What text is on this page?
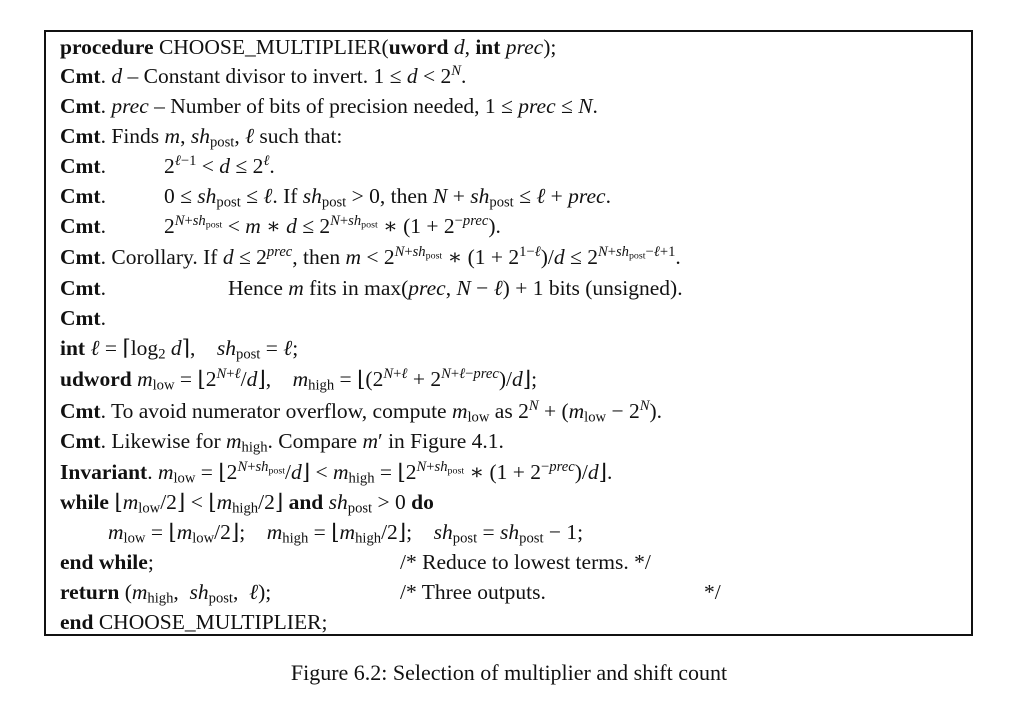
procedure CHOOSE_MULTIPLIER(uword d, int prec);
Cmt. d – Constant divisor to invert. $1 \le d < 2^N$.
Cmt. prec – Number of bits of precision needed, 1 ≤ prec ≤ N.
Cmt. Finds m, $sh_{post}$, ℓ such that:
Cmt.	$2^{\ell-1} < d \le 2^\ell$.
Cmt.	$0 \le sh_{post}$ ≤ ℓ. If $sh_{post} > 0$, then $N + sh_{post}$ ≤ ℓ + prec.
Cmt.	$2^{N+sh_{post}} < m$ ∗ $d \le 2^{N+sh_{post}}$ ∗ $(1 + 2^{-prec})$.
Cmt. Corollary. If $d \le 2^{prec}$, then $m < 2^{N+sh_{post}}$ ∗ $(1 + 2^{1-\ell})/d \le 2^{N+sh_{post}-\ell+1}$.
Cmt.	Hence m fits in max(prec, N − ℓ) + 1 bits (unsigned).
Cmt.
int ℓ = $⌈\log_2$ d⌉,    $sh_{post}$ = ℓ;
udword $m_{low}$ = $⌊2^{N+\ell}/d⌋$,    $m_{high}$ = $⌊(2^{N+\ell}$ + $2^{N+\ell-prec})/d⌋$;
Cmt. To avoid numerator overflow, compute $m_{low}$ as $2^N + (m_{low} - 2^N)$.
Cmt. Likewise for $m_{high}$. Compare m′ in Figure 4.1.
Invariant. $m_{low}$ = $⌊2^{N+sh_{post}}/d⌋ < m_{high}$ = $⌊2^{N+sh_{post}}$ ∗ $(1 + 2^{-prec})/d⌋$.
while $⌊m_{low}/2⌋$ < $⌊m_{high}/2⌋$ and $sh_{post} > 0$ do
$m_{low}$ = $⌊m_{low}/2⌋$;    $m_{high}$ = $⌊m_{high}/2⌋$;    $sh_{post} = sh_{post} - 1$;
end while;	/* Reduce to lowest terms. */
return ($m_{high}$,  $sh_{post}$,  ℓ);	/* Three outputs.	*/
end CHOOSE_MULTIPLIER;
Figure 6.2: Selection of multiplier and shift count
